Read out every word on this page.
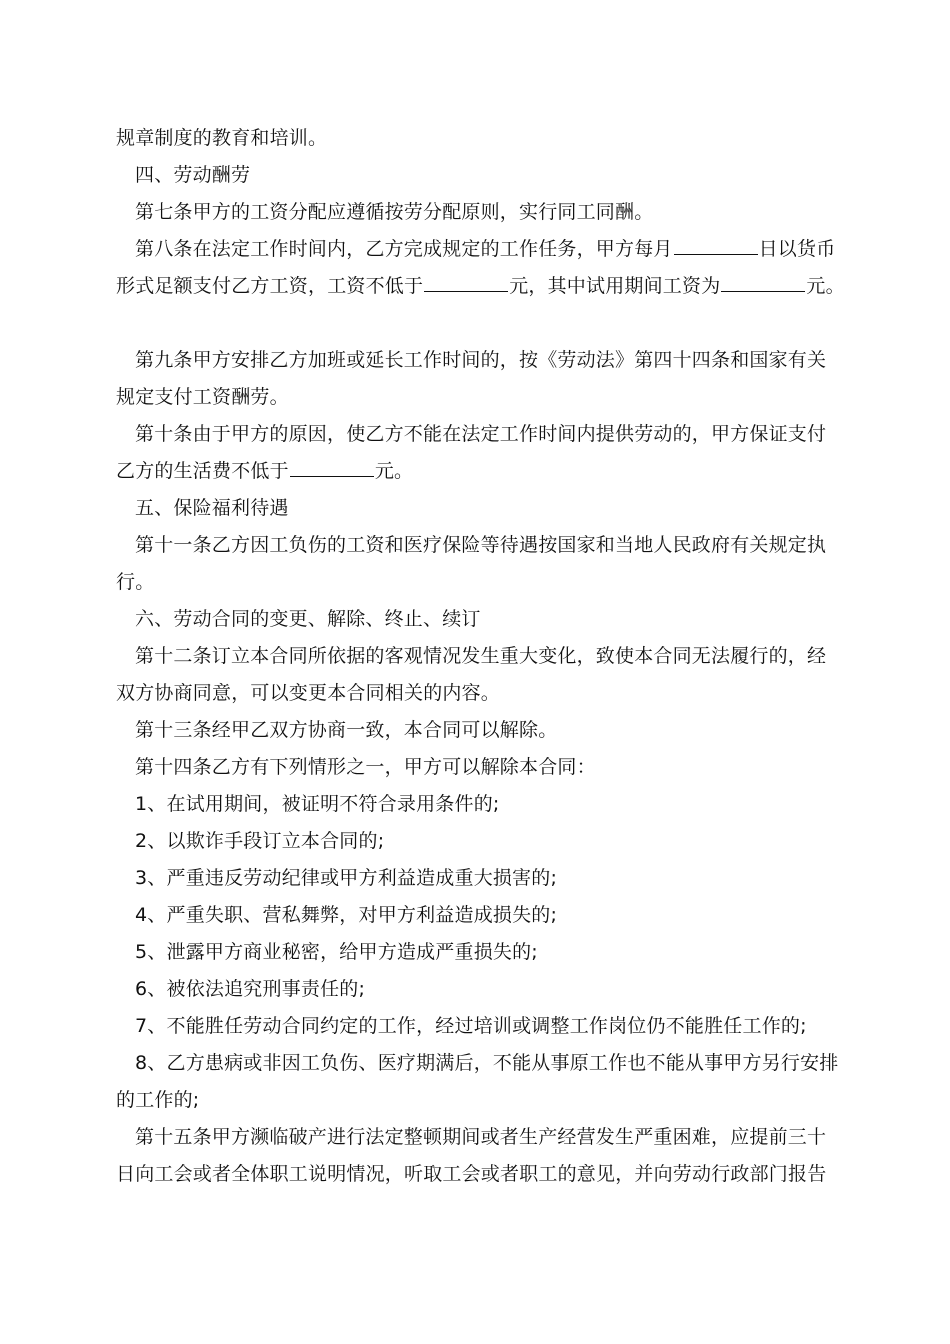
规章制度的教育和培训。
四、劳动酬劳
第七条甲方的工资分配应遵循按劳分配原则，实行同工同酬。
第八条在法定工作时间内，乙方完成规定的工作任务，甲方每月	日以货币
形式足额支付乙方工资，工资不低于	元，其中试用期间工资为	元。
第九条甲方安排乙方加班或延长工作时间的，按《劳动法》第四十四条和国家有关
规定支付工资酬劳。
第十条由于甲方的原因，使乙方不能在法定工作时间内提供劳动的，甲方保证支付
乙方的生活费不低于	元。
五、保险福利待遇
第十一条乙方因工负伤的工资和医疗保险等待遇按国家和当地人民政府有关规定执
行。
六、劳动合同的变更、解除、终止、续订
第十二条订立本合同所依据的客观情况发生重大变化，致使本合同无法履行的，经
双方协商同意，可以变更本合同相关的内容。
第十三条经甲乙双方协商一致，本合同可以解除。
第十四条乙方有下列情形之一，甲方可以解除本合同：
1、在试用期间，被证明不符合录用条件的;
2、以欺诈手段订立本合同的;
3、严重违反劳动纪律或甲方利益造成重大损害的;
4、严重失职、营私舞弊，对甲方利益造成损失的;
5、泄露甲方商业秘密，给甲方造成严重损失的;
6、被依法追究刑事责任的;
7、不能胜任劳动合同约定的工作，经过培训或调整工作岗位仍不能胜任工作的;
8、乙方患病或非因工负伤、医疗期满后，不能从事原工作也不能从事甲方另行安排
的工作的;
第十五条甲方濒临破产进行法定整顿期间或者生产经营发生严重困难，应提前三十
日向工会或者全体职工说明情况，听取工会或者职工的意见，并向劳动行政部门报告
